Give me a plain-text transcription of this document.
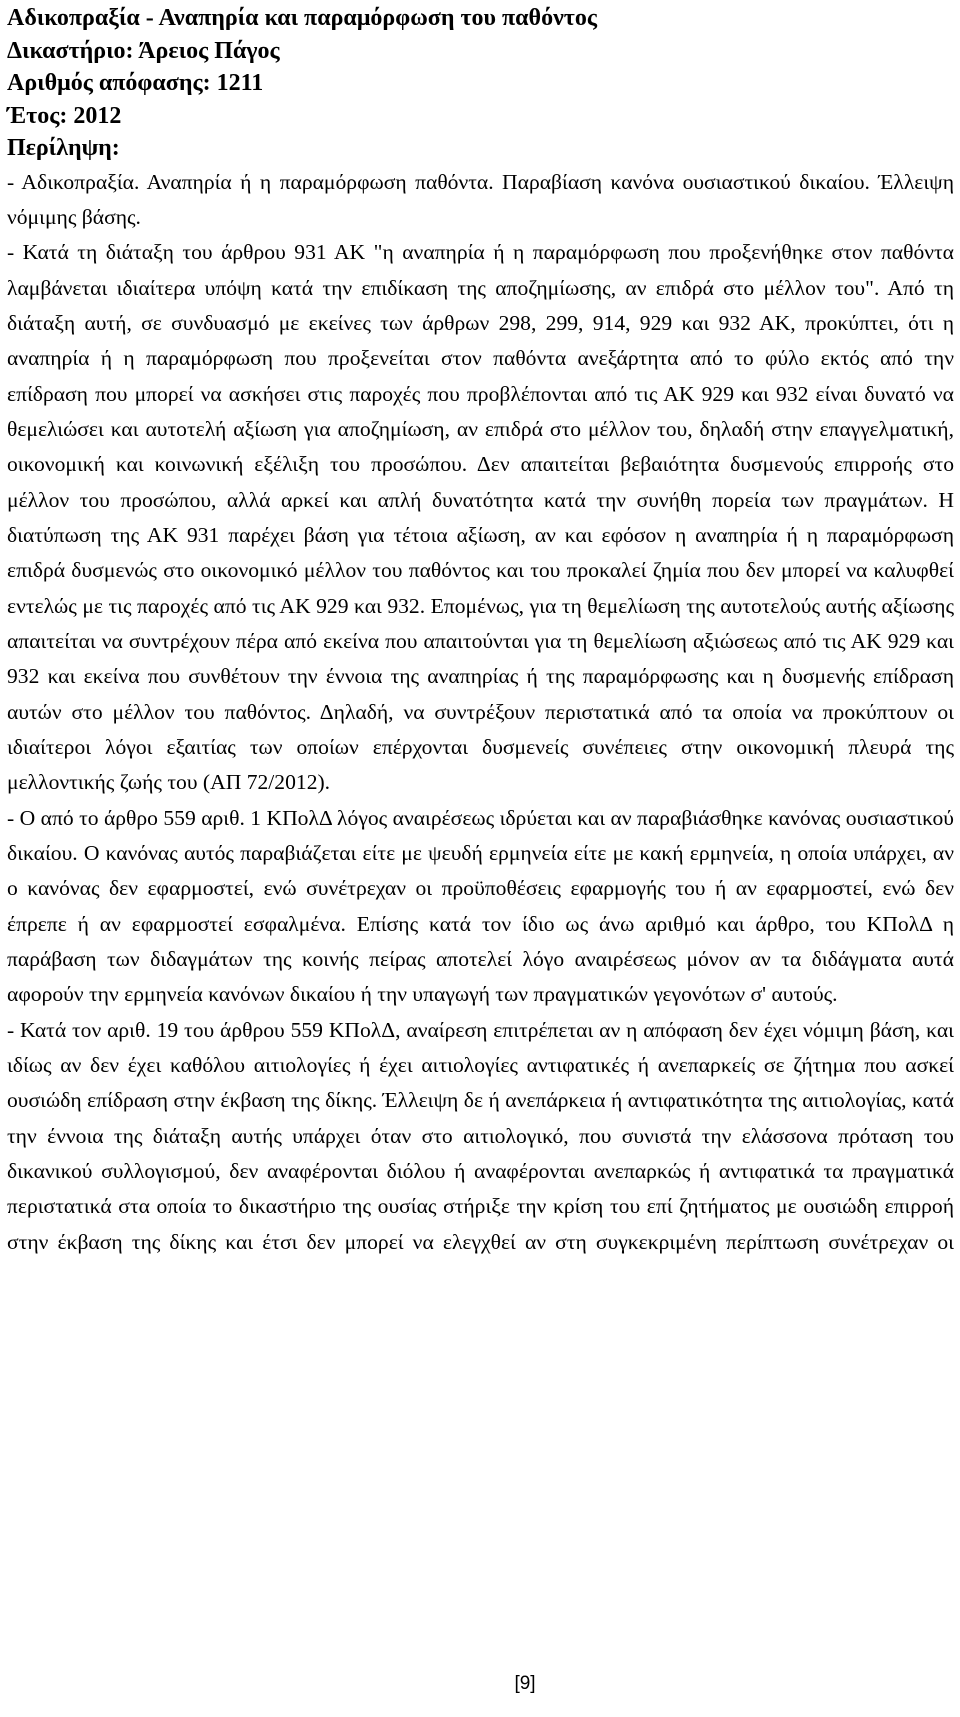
Αδικοπραξία - Αναπηρία και παραμόρφωση του παθόντος

Δικαστήριο: Άρειος Πάγος

Αριθμός απόφασης: 1211

Έτος: 2012

Περίληψη:

- Αδικοπραξία. Αναπηρία ή η παραμόρφωση παθόντα. Παραβίαση κανόνα ουσιαστικού δικαίου. Έλλειψη νόμιμης βάσης.

- Κατά τη διάταξη του άρθρου 931 ΑΚ "η αναπηρία ή η παραμόρφωση που προξενήθηκε στον παθόντα λαμβάνεται ιδιαίτερα υπόψη κατά την επιδίκαση της αποζημίωσης, αν επιδρά στο μέλλον του". Από τη διάταξη αυτή, σε συνδυασμό με εκείνες των άρθρων 298, 299, 914, 929 και 932 ΑΚ, προκύπτει, ότι η αναπηρία ή η παραμόρφωση που προξενείται στον παθόντα ανεξάρτητα από το φύλο εκτός από την επίδραση που μπορεί να ασκήσει στις παροχές που προβλέπονται από τις ΑΚ 929 και 932 είναι δυνατό να θεμελιώσει και αυτοτελή αξίωση για αποζημίωση, αν επιδρά στο μέλλον του, δηλαδή στην επαγγελματική, οικονομική και κοινωνική εξέλιξη του προσώπου. Δεν απαιτείται βεβαιότητα δυσμενούς επιρροής στο μέλλον του προσώπου, αλλά αρκεί και απλή δυνατότητα κατά την συνήθη πορεία των πραγμάτων. Η διατύπωση της ΑΚ 931 παρέχει βάση για τέτοια αξίωση, αν και εφόσον η αναπηρία ή η παραμόρφωση επιδρά δυσμενώς στο οικονομικό μέλλον του παθόντος και του προκαλεί ζημία που δεν μπορεί να καλυφθεί εντελώς με τις παροχές από τις ΑΚ 929 και 932. Επομένως, για τη θεμελίωση της αυτοτελούς αυτής αξίωσης απαιτείται να συντρέχουν πέρα από εκείνα που απαιτούνται για τη θεμελίωση αξιώσεως από τις ΑΚ 929 και 932 και εκείνα που συνθέτουν την έννοια της αναπηρίας ή της παραμόρφωσης και η δυσμενής επίδραση αυτών στο μέλλον του παθόντος. Δηλαδή, να συντρέξουν περιστατικά από τα οποία να προκύπτουν οι ιδιαίτεροι λόγοι εξαιτίας των οποίων επέρχονται δυσμενείς συνέπειες στην οικονομική πλευρά της μελλοντικής ζωής του (ΑΠ 72/2012).

- Ο από το άρθρο 559 αριθ. 1 ΚΠολΔ λόγος αναιρέσεως ιδρύεται και αν παραβιάσθηκε κανόνας ουσιαστικού δικαίου. Ο κανόνας αυτός παραβιάζεται είτε με ψευδή ερμηνεία είτε με κακή ερμηνεία, η οποία υπάρχει, αν ο κανόνας δεν εφαρμοστεί, ενώ συνέτρεχαν οι προϋποθέσεις εφαρμογής του ή αν εφαρμοστεί, ενώ δεν έπρεπε ή αν εφαρμοστεί εσφαλμένα. Επίσης κατά τον ίδιο ως άνω αριθμό και άρθρο, του ΚΠολΔ η παράβαση των διδαγμάτων της κοινής πείρας αποτελεί λόγο αναιρέσεως μόνον αν τα διδάγματα αυτά αφορούν την ερμηνεία κανόνων δικαίου ή την υπαγωγή των πραγματικών γεγονότων σ' αυτούς.

- Κατά τον αριθ. 19 του άρθρου 559 ΚΠολΔ, αναίρεση επιτρέπεται αν η απόφαση δεν έχει νόμιμη βάση, και ιδίως αν δεν έχει καθόλου αιτιολογίες ή έχει αιτιολογίες αντιφατικές ή ανεπαρκείς σε ζήτημα που ασκεί ουσιώδη επίδραση στην έκβαση της δίκης. Έλλειψη δε ή ανεπάρκεια ή αντιφατικότητα της αιτιολογίας, κατά την έννοια της διάταξη αυτής υπάρχει όταν στο αιτιολογικό, που συνιστά την ελάσσονα πρόταση του δικανικού συλλογισμού, δεν αναφέρονται διόλου ή αναφέρονται ανεπαρκώς ή αντιφατικά τα πραγματικά περιστατικά στα οποία το δικαστήριο της ουσίας στήριξε την κρίση του επί ζητήματος με ουσιώδη επιρροή στην έκβαση της δίκης και έτσι δεν μπορεί να ελεγχθεί αν στη συγκεκριμένη περίπτωση συνέτρεχαν οι

[9]
